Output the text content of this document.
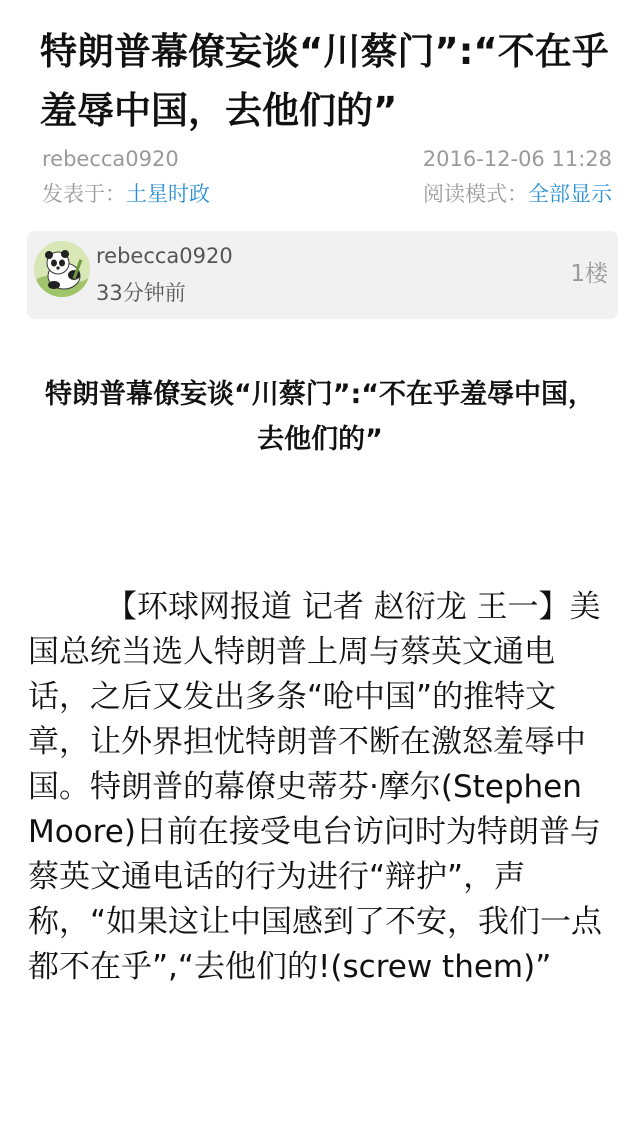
特朗普幕僚妄谈“川蔡门”:“不在乎羞辱中国，去他们的”
rebecca0920	2016-12-06 11:28
发表于：土星时政	阅读模式：全部显示
rebecca0920
33分钟前
1楼
特朗普幕僚妄谈“川蔡门”:“不在乎羞辱中国，去他们的”
【环球网报道 记者 赵衍龙 王一】美国总统当选人特朗普上周与蔡英文通电话，之后又发出多条“呛中国”的推特文章，让外界担忧特朗普不断在激怒羞辱中国。特朗普的幕僚史蒂芬·摩尔(Stephen Moore)日前在接受电台访问时为特朗普与蔡英文通电话的行为进行“辩护”，声称，“如果这让中国感到了不安，我们一点都不在乎”,“去他们的!(screw them)”
